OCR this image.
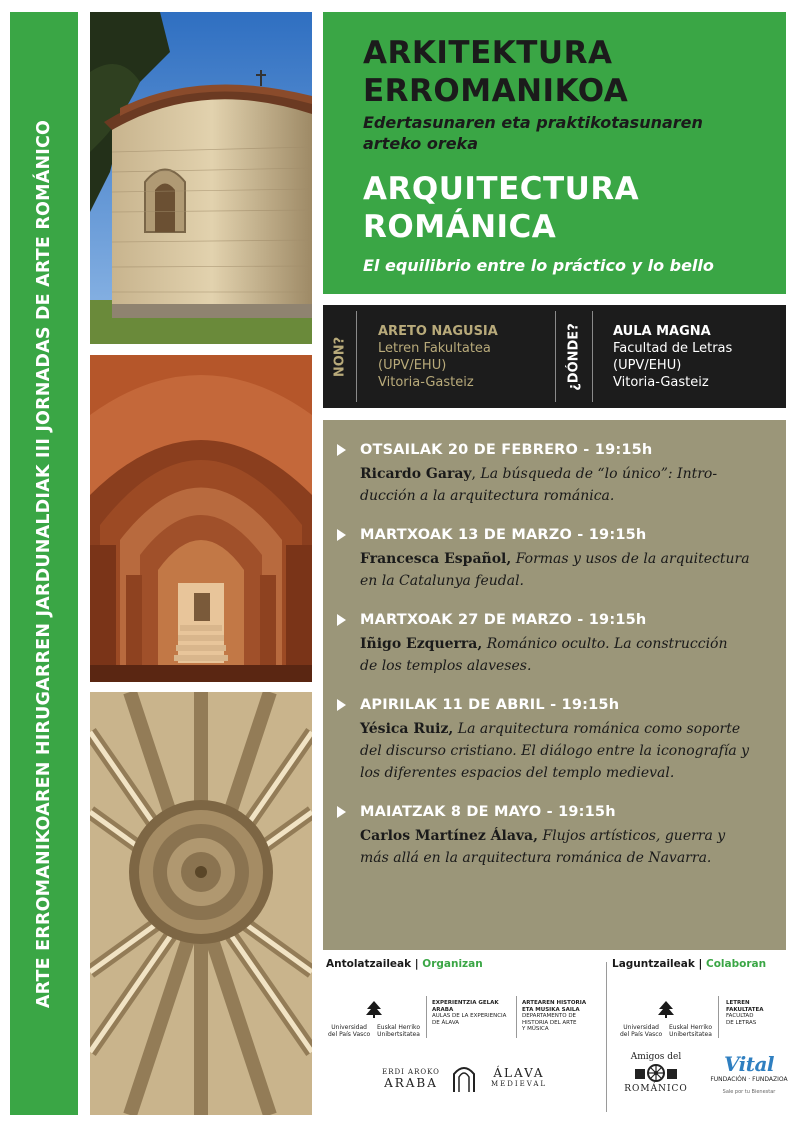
ARTE ERROMANIKOAREN HIRUGARREN JARDUNALDIAK III JORNADAS DE ARTE ROMÁNICO
ARKITEKTURA
ERROMANIKOA
Edertasunaren eta praktikotasunaren
arteko oreka
ARQUITECTURA
ROMÁNICA
El equilibrio entre lo práctico y lo bello
NON?
ARETO NAGUSIA
Letren Fakultatea
(UPV/EHU)
Vitoria-Gasteiz	¿DÓNDE? AULA MAGNA
Facultad de Letras
(UPV/EHU)
Vitoria-Gasteiz
OTSAILAK 20 DE FEBRERO - 19:15h
Ricardo Garay, La búsqueda de “lo único”: Intro-
ducción a la arquitectura románica.
MARTXOAK 13 DE MARZO - 19:15h
Francesca Español, Formas y usos de la arquitectura
en la Catalunya feudal.
MARTXOAK 27 DE MARZO - 19:15h
Iñigo Ezquerra, Románico oculto. La construcción
de los templos alaveses.
APIRILAK 11 DE ABRIL - 19:15h
Yésica Ruiz, La arquitectura románica como soporte
del discurso cristiano. El diálogo entre la iconografía y
los diferentes espacios del templo medieval.
MAIATZAK 8 DE MAYO - 19:15h
Carlos Martínez Álava, Flujos artísticos, guerra y
más allá en la arquitectura románica de Navarra.
Antolatzaileak | Organizan
Universidad
del País Vasco
Euskal Herriko
Unibertsitatea
EXPERIENTZIA GELAK
ARABA
AULAS DE LA EXPERIENCIA
DE ÁLAVA
ARTEAREN HISTORIA
ETA MUSIKA SAILA
DEPARTAMENTO DE
HISTORIA DEL ARTE
Y MÚSICA
ERDI AROKO
ARABA
ÁLAVA
MEDIEVAL
Laguntzaileak | Colaboran
Universidad
del País Vasco
Euskal Herriko
Unibertsitatea
LETREN
FAKULTATEA
FACULTAD
DE LETRAS
Amigos del
ROMÁNICO
Vital
FUNDACIÓN · FUNDAZIOA
Sale por tu Bienestar
